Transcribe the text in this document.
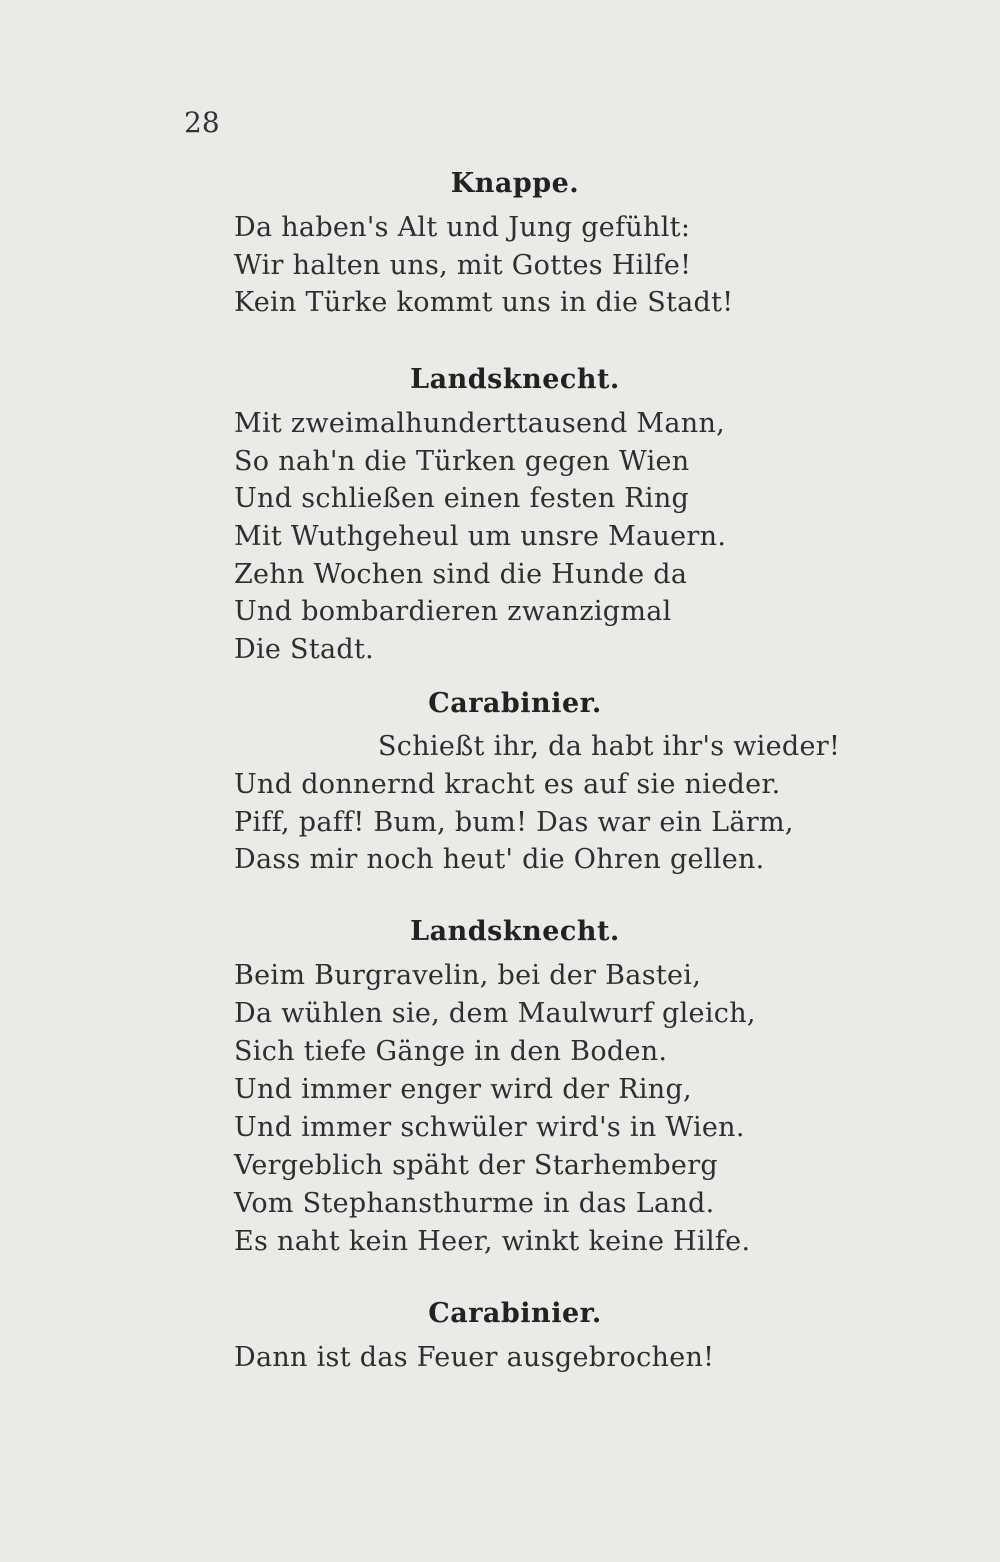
28
Knappe.
Da haben's Alt und Jung gefühlt:
Wir halten uns, mit Gottes Hilfe!
Kein Türke kommt uns in die Stadt!
Landsknecht.
Mit zweimalhunderttausend Mann,
So nah'n die Türken gegen Wien
Und schließen einen festen Ring
Mit Wuthgeheul um unsre Mauern.
Zehn Wochen sind die Hunde da
Und bombardieren zwanzigmal
Die Stadt.
Carabinier.
Schießt ihr, da habt ihr's wieder!
Und donnernd kracht es auf sie nieder.
Piff, paff! Bum, bum! Das war ein Lärm,
Dass mir noch heut' die Ohren gellen.
Landsknecht.
Beim Burgravelin, bei der Bastei,
Da wühlen sie, dem Maulwurf gleich,
Sich tiefe Gänge in den Boden.
Und immer enger wird der Ring,
Und immer schwüler wird's in Wien.
Vergeblich späht der Starhemberg
Vom Stephansthurme in das Land.
Es naht kein Heer, winkt keine Hilfe.
Carabinier.
Dann ist das Feuer ausgebrochen!
